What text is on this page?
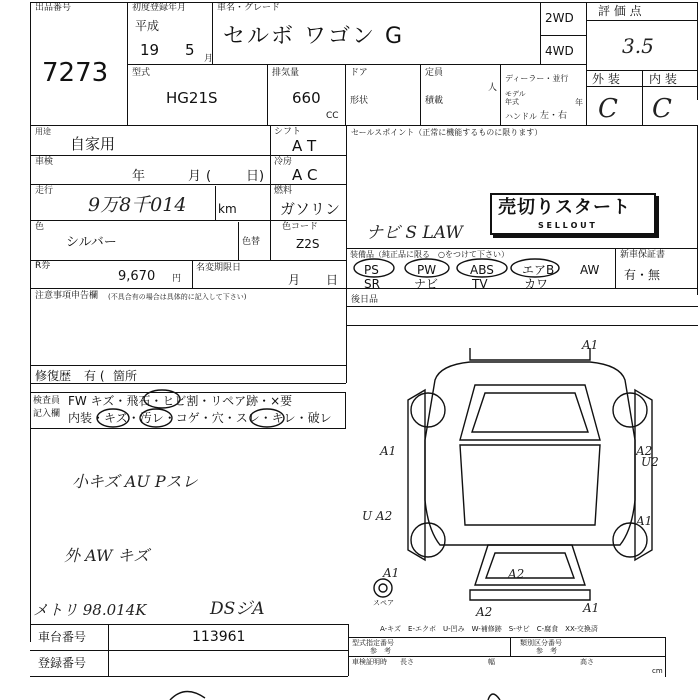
出品番号
7273
初度登録年月
平成
19 5 月
車名・グレード
セルボ ワゴン G
2WD
4WD
評 価 点
3.5
外 装 内 装
C C
型式
HG21S
排気量
660
CC
ドア
形状
定員
人
積載
ディーラー・並行
モデル
年式	年
ハンドル 左・右
用途
自家用
車検
年	月 (	日)
シフト
A T
冷房
A C
燃料
ガソリン
走行
9万8千014	km
色
シルバー	色替
色コード
Z2S
R券
9,670 円
名変期限日
月 日
セールスポイント（正常に機能するものに限ります）
売切りスタート
S E L L O U T
ナビ S LAW
装備品（純正品に限る　○をつけて下さい）	新車保証書
有・無
PS	PW	ABS エアB AW
SR	ナビ	TV	カワ
後日品
注意事項申告欄 (不具合有の場合は具体的に記入して下さい)
修復歴 有 ( 箇所
検査員
記入欄
FW キズ・飛石・ヒビ割・リペア跡・×要
内装・キズ・汚レ・コゲ・穴・スレ・キレ・破レ
小キズ AU Pスレ
外 AW キズ
メトリ 98.014K	DSジA
A1
A1	A2
U2
A1
A2
A2	A1
A1
U A2
スペア
A-キズ　E-エクボ　U-凹み　W-補修跡　S-サビ　C-腐食　XX-交換済
車台番号	113961
登録番号
型式指定番号
参　考
類別区分番号
参　考
車検証明時 長さ	幅	高さ
cm
